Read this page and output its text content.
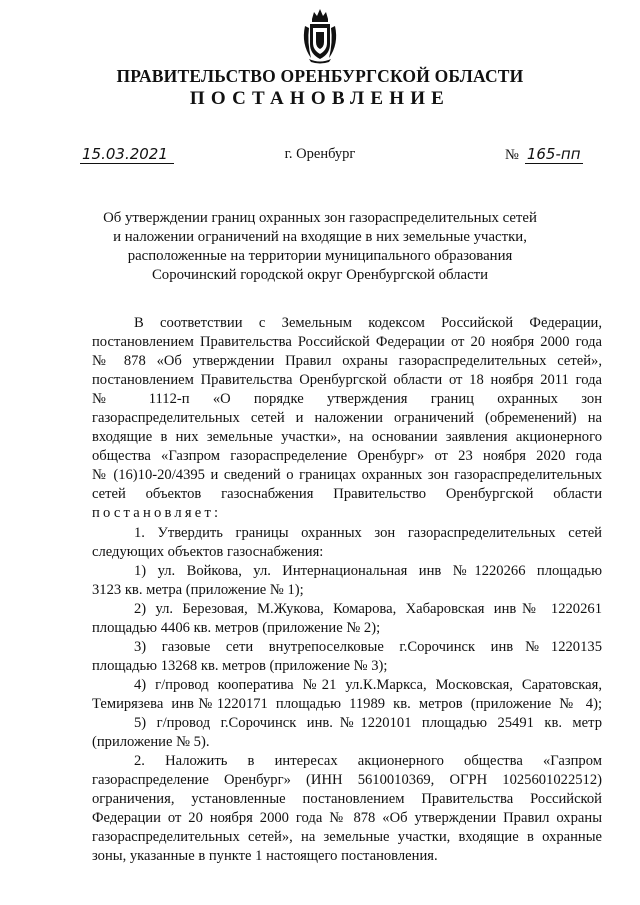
ПРАВИТЕЛЬСТВО ОРЕНБУРГСКОЙ ОБЛАСТИ
ПОСТАНОВЛЕНИЕ
15.03.2021	г. Оренбург	№ 165-пп
Об утверждении границ охранных зон газораспределительных сетей
и наложении ограничений на входящие в них земельные участки,
расположенные на территории муниципального образования
Сорочинский городской округ Оренбургской области
В соответствии с Земельным кодексом Российской Федерации,
постановлением Правительства Российской Федерации от 20 ноября 2000 года
№ 878 «Об утверждении Правил охраны газораспределительных сетей»,
постановлением Правительства Оренбургской области от 18 ноября 2011 года
№ 1112-п «О порядке утверждения границ охранных зон
газораспределительных сетей и наложении ограничений (обременений) на
входящие в них земельные участки», на основании заявления акционерного
общества «Газпром газораспределение Оренбург» от 23 ноября 2020 года
№ (16)10-20/4395 и сведений о границах охранных зон газораспределительных
сетей объектов газоснабжения Правительство Оренбургской области
постановляет:
1. Утвердить границы охранных зон газораспределительных сетей
следующих объектов газоснабжения:
1) ул. Войкова, ул. Интернациональная инв №1220266 площадью
3123 кв. метра (приложение № 1);
2) ул. Березовая, М.Жукова, Комарова, Хабаровская инв№ 1220261
площадью 4406 кв. метров (приложение № 2);
3) газовые сети внутрепоселковые г.Сорочинск инв№1220135
площадью 13268 кв. метров (приложение № 3);
4) г/провод кооператива №21 ул.К.Маркса, Московская, Саратовская,
Темирязева инв№1220171 площадью 11989 кв. метров (приложение № 4);
5) г/провод г.Сорочинск инв.№1220101 площадью 25491 кв. метр
(приложение № 5).
2. Наложить в интересах акционерного общества «Газпром
газораспределение Оренбург» (ИНН 5610010369, ОГРН 1025601022512)
ограничения, установленные постановлением Правительства Российской
Федерации от 20 ноября 2000 года № 878 «Об утверждении Правил охраны
газораспределительных сетей», на земельные участки, входящие в охранные
зоны, указанные в пункте 1 настоящего постановления.
